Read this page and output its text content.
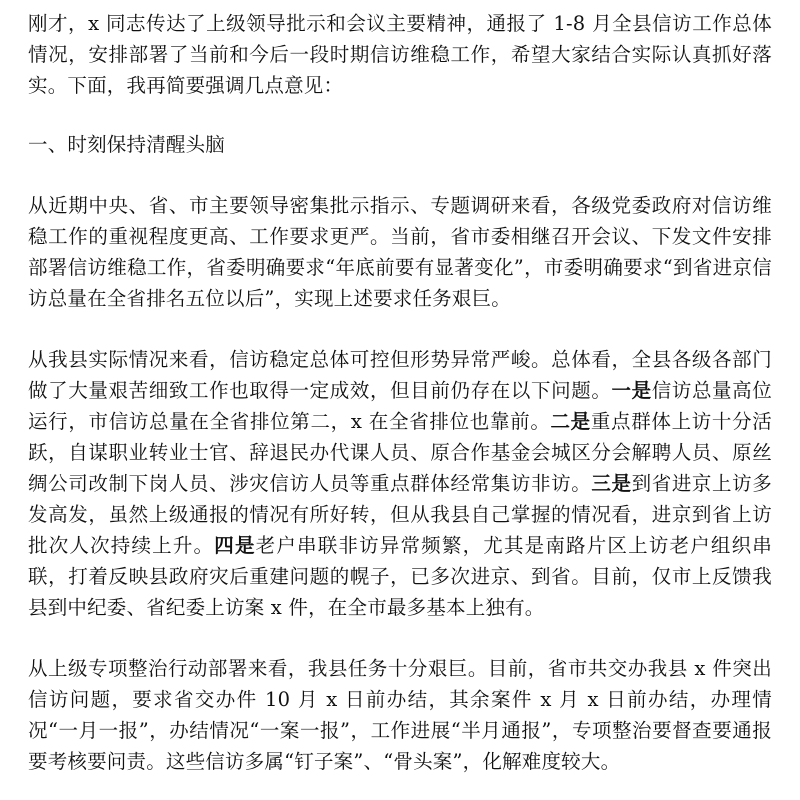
刚才，x 同志传达了上级领导批示和会议主要精神，通报了 1-8 月全县信访工作总体情况，安排部署了当前和今后一段时期信访维稳工作，希望大家结合实际认真抓好落实。下面，我再简要强调几点意见：

一、时刻保持清醒头脑

从近期中央、省、市主要领导密集批示指示、专题调研来看，各级党委政府对信访维稳工作的重视程度更高、工作要求更严。当前，省市委相继召开会议、下发文件安排部署信访维稳工作，省委明确要求“年底前要有显著变化”，市委明确要求“到省进京信访总量在全省排名五位以后”，实现上述要求任务艰巨。

从我县实际情况来看，信访稳定总体可控但形势异常严峻。总体看，全县各级各部门做了大量艰苦细致工作也取得一定成效，但目前仍存在以下问题。一是信访总量高位运行，市信访总量在全省排位第二，x 在全省排位也靠前。二是重点群体上访十分活跃，自谋职业转业士官、辞退民办代课人员、原合作基金会城区分会解聘人员、原丝绸公司改制下岗人员、涉灾信访人员等重点群体经常集访非访。三是到省进京上访多发高发，虽然上级通报的情况有所好转，但从我县自己掌握的情况看，进京到省上访批次人次持续上升。四是老户串联非访异常频繁，尤其是南路片区上访老户组织串联，打着反映县政府灾后重建问题的幌子，已多次进京、到省。目前，仅市上反馈我县到中纪委、省纪委上访案 x 件，在全市最多基本上独有。

从上级专项整治行动部署来看，我县任务十分艰巨。目前，省市共交办我县 x 件突出信访问题，要求省交办件 10 月 x 日前办结，其余案件 x 月 x 日前办结，办理情况“一月一报”，办结情况“一案一报”，工作进展“半月通报”，专项整治要督查要通报要考核要问责。这些信访多属“钉子案”、“骨头案”，化解难度较大。
